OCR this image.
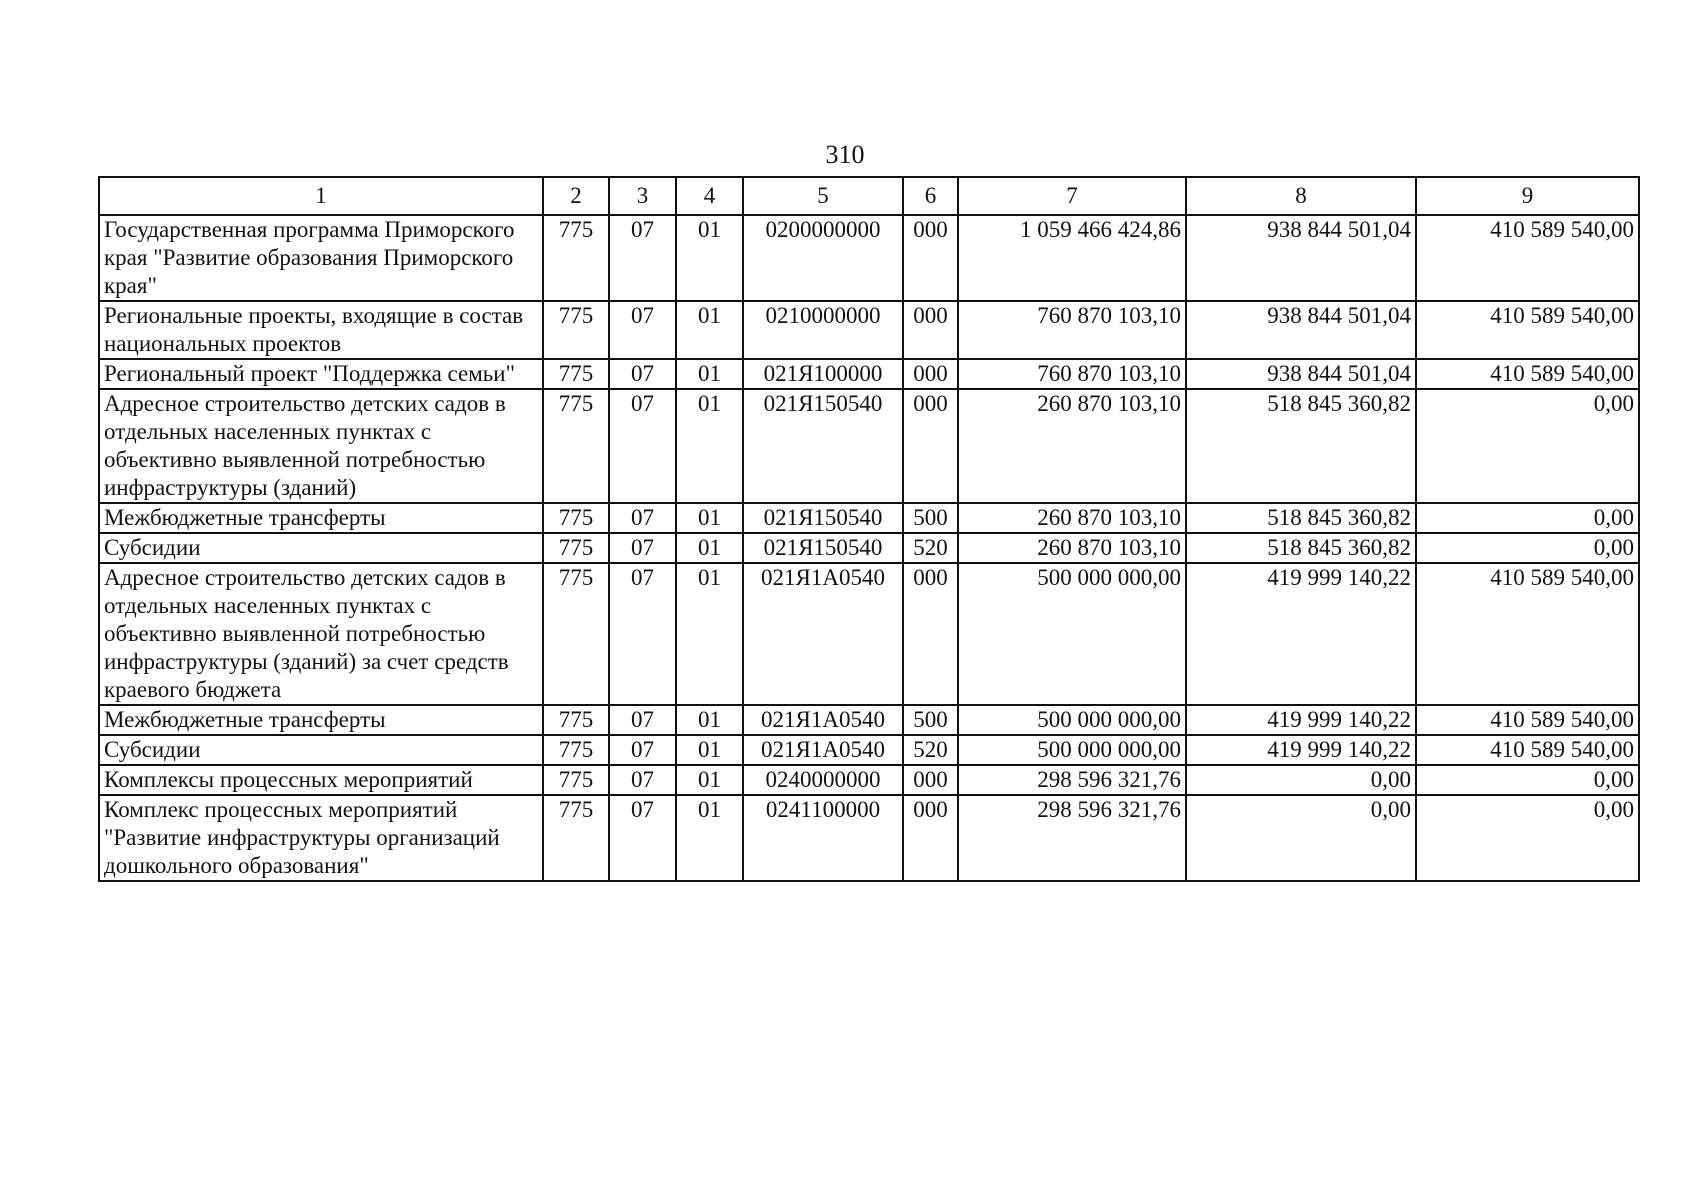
310
1	2	3	4	5	6	7	8	9
Государственная программа Приморского края "Развитие образования Приморского края"	775	07	01	0200000000	000	1 059 466 424,86	938 844 501,04	410 589 540,00
Региональные проекты, входящие в состав национальных проектов	775	07	01	0210000000	000	760 870 103,10	938 844 501,04	410 589 540,00
Региональный проект "Поддержка семьи"	775	07	01	021Я100000	000	760 870 103,10	938 844 501,04	410 589 540,00
Адресное строительство детских садов в отдельных населенных пунктах с объективно выявленной потребностью инфраструктуры (зданий)	775	07	01	021Я150540	000	260 870 103,10	518 845 360,82	0,00
Межбюджетные трансферты	775	07	01	021Я150540	500	260 870 103,10	518 845 360,82	0,00
Субсидии	775	07	01	021Я150540	520	260 870 103,10	518 845 360,82	0,00
Адресное строительство детских садов в отдельных населенных пунктах с объективно выявленной потребностью инфраструктуры (зданий) за счет средств краевого бюджета	775	07	01	021Я1А0540	000	500 000 000,00	419 999 140,22	410 589 540,00
Межбюджетные трансферты	775	07	01	021Я1А0540	500	500 000 000,00	419 999 140,22	410 589 540,00
Субсидии	775	07	01	021Я1А0540	520	500 000 000,00	419 999 140,22	410 589 540,00
Комплексы процессных мероприятий	775	07	01	0240000000	000	298 596 321,76	0,00	0,00
Комплекс процессных мероприятий "Развитие инфраструктуры организаций дошкольного образования"	775	07	01	0241100000	000	298 596 321,76	0,00	0,00
